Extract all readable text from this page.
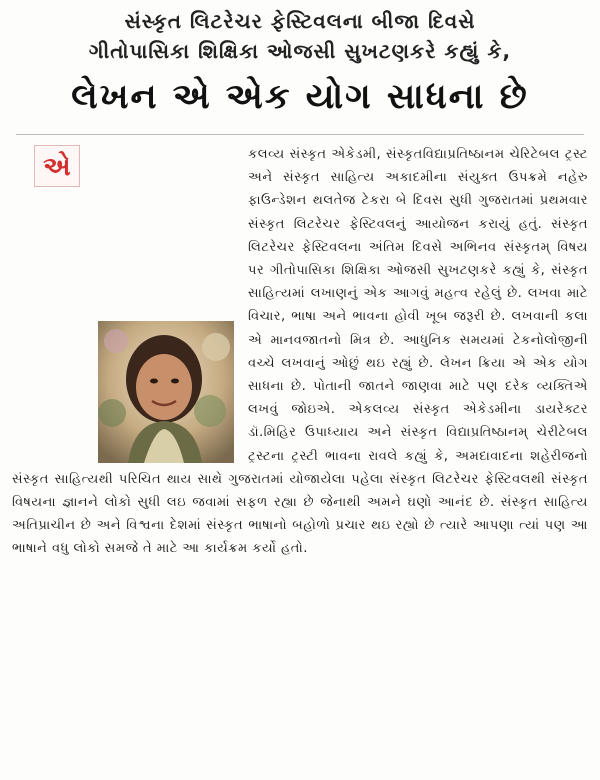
સંસ્કૃત લિટરેચર ફેસ્ટિવલના બીજા દિવસે
ગીતોપાસિકા શિક્ષિકા ઓજસી સુખટણકરે કહ્યું કે,
લેખન એ એક યોગ સાધના છે
એ	કલવ્ય સંસ્કૃત એકેડમી, સંસ્કૃતવિદ્યાપ્રતિષ્ઠાનમ ચેરિટેબલ ટ્રસ્ટ અને સંસ્કૃત સાહિત્ય અકાદમીના સંયુક્ત ઉપક્રમે નહેરુ ફાઉન્ડેશન થલતેજ ટેકરા બે દિવસ સુધી ગુજરાતમાં પ્રથમવાર સંસ્કૃત લિટરેચર ફેસ્ટિવલનું આયોજન કરાયું હતું. સંસ્કૃત લિટરેચર ફેસ્ટિવલના અંતિમ દિવસે અભિનવ સંસ્કૃતમ્ વિષય પર ગીતોપાસિકા શિક્ષિકા ઓજસી સુખટણકરે કહ્યું કે, સંસ્કૃત સાહિત્યમાં લખાણનું એક આગવું મહત્વ રહેલું છે. લખવા માટે વિચાર, ભાષા અને ભાવના હોવી ખૂબ જરૂરી છે. લખવાની કલા એ માનવજાતનો મિત્ર છે. આધુનિક સમયમાં ટેકનોલોજીની વચ્ચે લખવાનું ઓછું થઇ રહ્યું છે. લેખન ક્રિયા એ એક યોગ સાધના છે. પોતાની જાતને જાણવા માટે પણ દરેક વ્યક્તિએ લખવું જોઇએ. એકલવ્ય સંસ્કૃત એકેડમીના ડાયરેક્ટર ડૉ.મિહિર ઉપાધ્યાય અને સંસ્કૃત વિદ્યાપ્રતિષ્ઠાનમ્ ચેરીટેબલ ટ્રસ્ટના ટ્રસ્ટી ભાવના રાવલે કહ્યું કે, અમદાવાદના શહેરીજનો સંસ્કૃત સાહિત્યથી પરિચિત થાય સાથે ગુજરાતમાં યોજાયેલા પહેલા સંસ્કૃત લિટરેચર ફેસ્ટિવલથી સંસ્કૃત વિષયના જ્ઞાનને લોકો સુધી લઇ જવામાં સફળ રહ્યા છે જેનાથી અમને ઘણો આનંદ છે. સંસ્કૃત સાહિત્ય અતિપ્રાચીન છે અને વિશ્વના દેશમાં સંસ્કૃત ભાષાનો બહોળો પ્રચાર થઇ રહ્યો છે ત્યારે આપણા ત્યાં પણ આ ભાષાને વધુ લોકો સમજે તે માટે આ કાર્યક્રમ કર્યો હતો.
